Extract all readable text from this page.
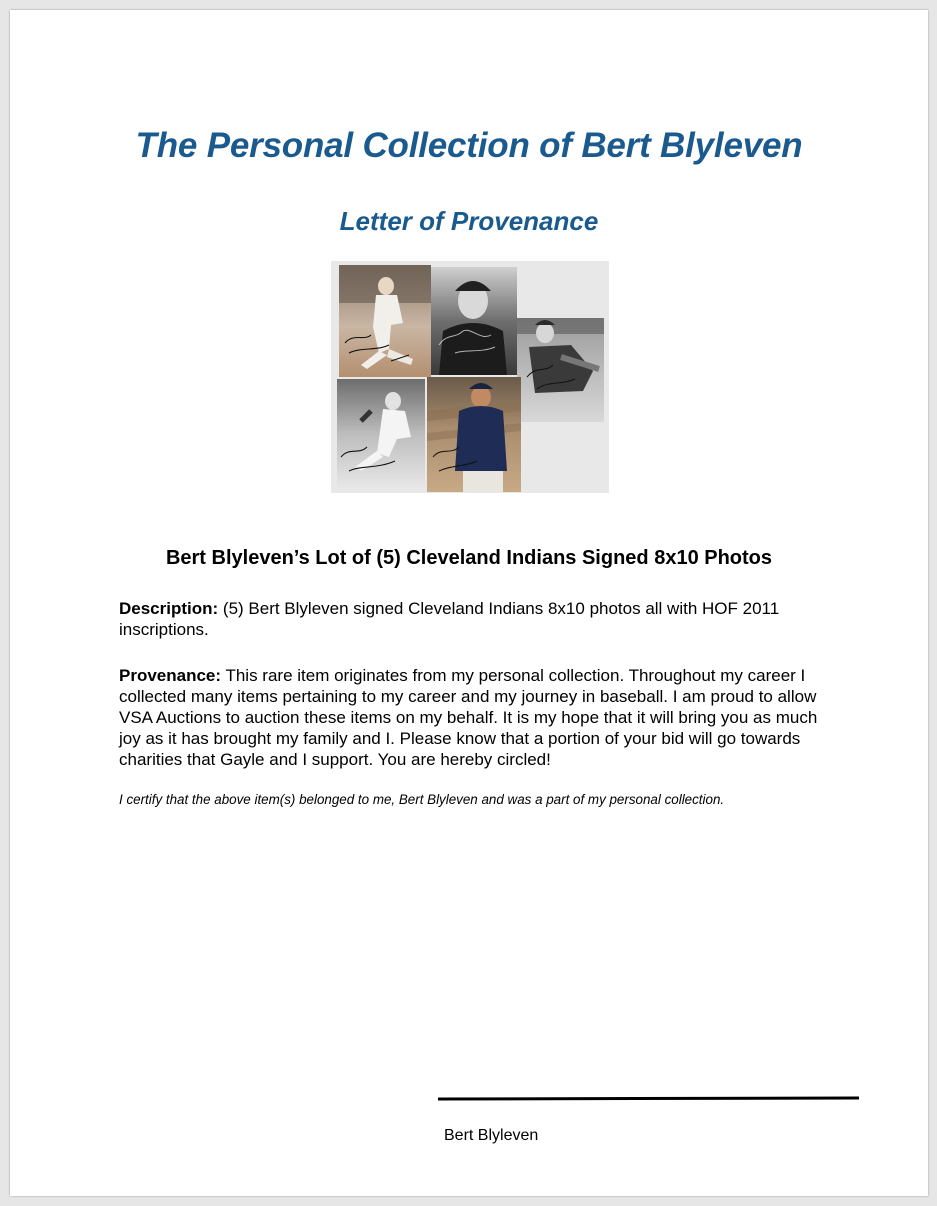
The Personal Collection of Bert Blyleven
Letter of Provenance
Bert Blyleven’s Lot of (5) Cleveland Indians Signed 8x10 Photos

Description: (5) Bert Blyleven signed Cleveland Indians 8x10 photos all with HOF 2011 inscriptions.

Provenance: This rare item originates from my personal collection. Throughout my career I collected many items pertaining to my career and my journey in baseball. I am proud to allow VSA Auctions to auction these items on my behalf. It is my hope that it will bring you as much joy as it has brought my family and I. Please know that a portion of your bid will go towards charities that Gayle and I support. You are hereby circled!

I certify that the above item(s) belonged to me, Bert Blyleven and was a part of my personal collection.

Bert Blyleven
